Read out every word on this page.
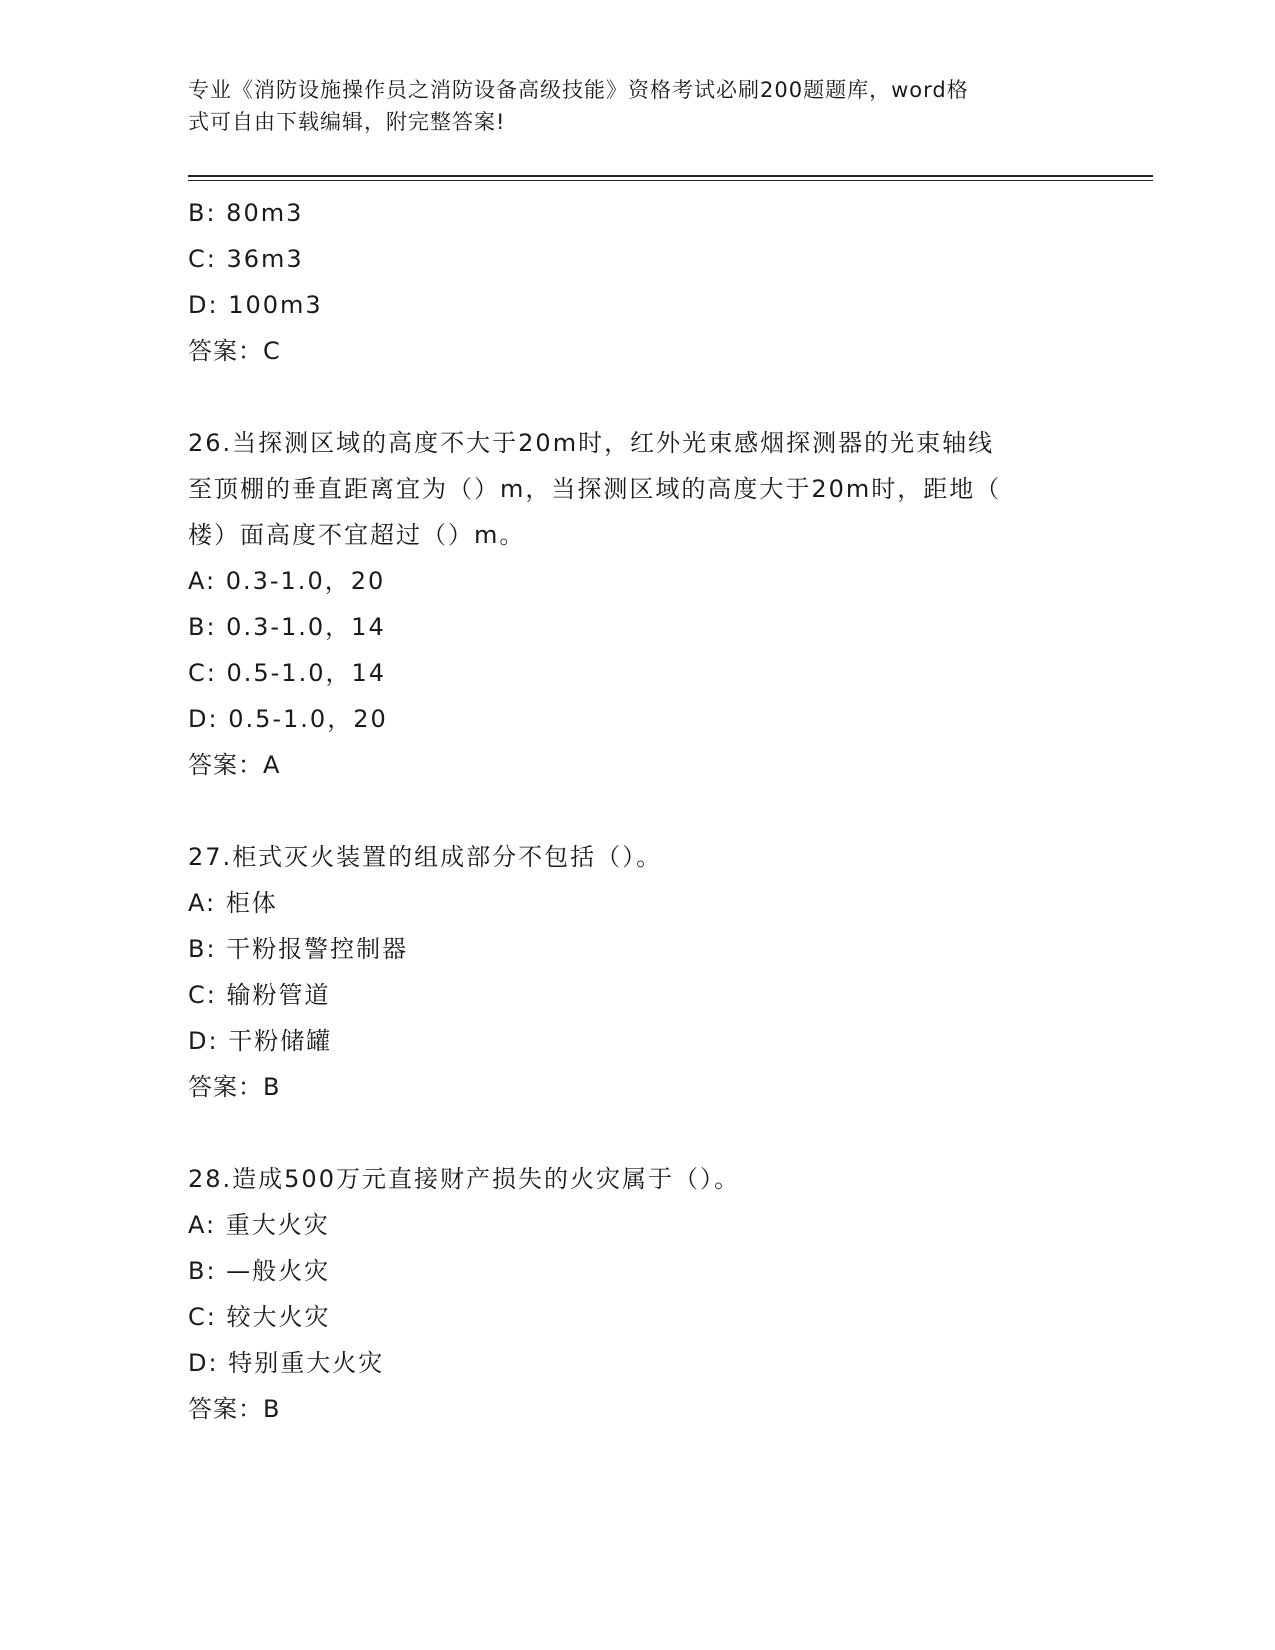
专业《消防设施操作员之消防设备高级技能》资格考试必刷200题题库，word格
式可自由下载编辑，附完整答案!
B: 80m3
C: 36m3
D: 100m3
答案：C
26.当探测区域的高度不大于20m时，红外光束感烟探测器的光束轴线
至顶棚的垂直距离宜为（）m，当探测区域的高度大于20m时，距地（
楼）面高度不宜超过（）m。
A: 0.3-1.0，20
B: 0.3-1.0，14
C: 0.5-1.0，14
D: 0.5-1.0，20
答案：A
27.柜式灭火装置的组成部分不包括（）。
A: 柜体
B: 干粉报警控制器
C: 输粉管道
D: 干粉储罐
答案：B
28.造成500万元直接财产损失的火灾属于（）。
A: 重大火灾
B: —般火灾
C: 较大火灾
D: 特别重大火灾
答案：B
